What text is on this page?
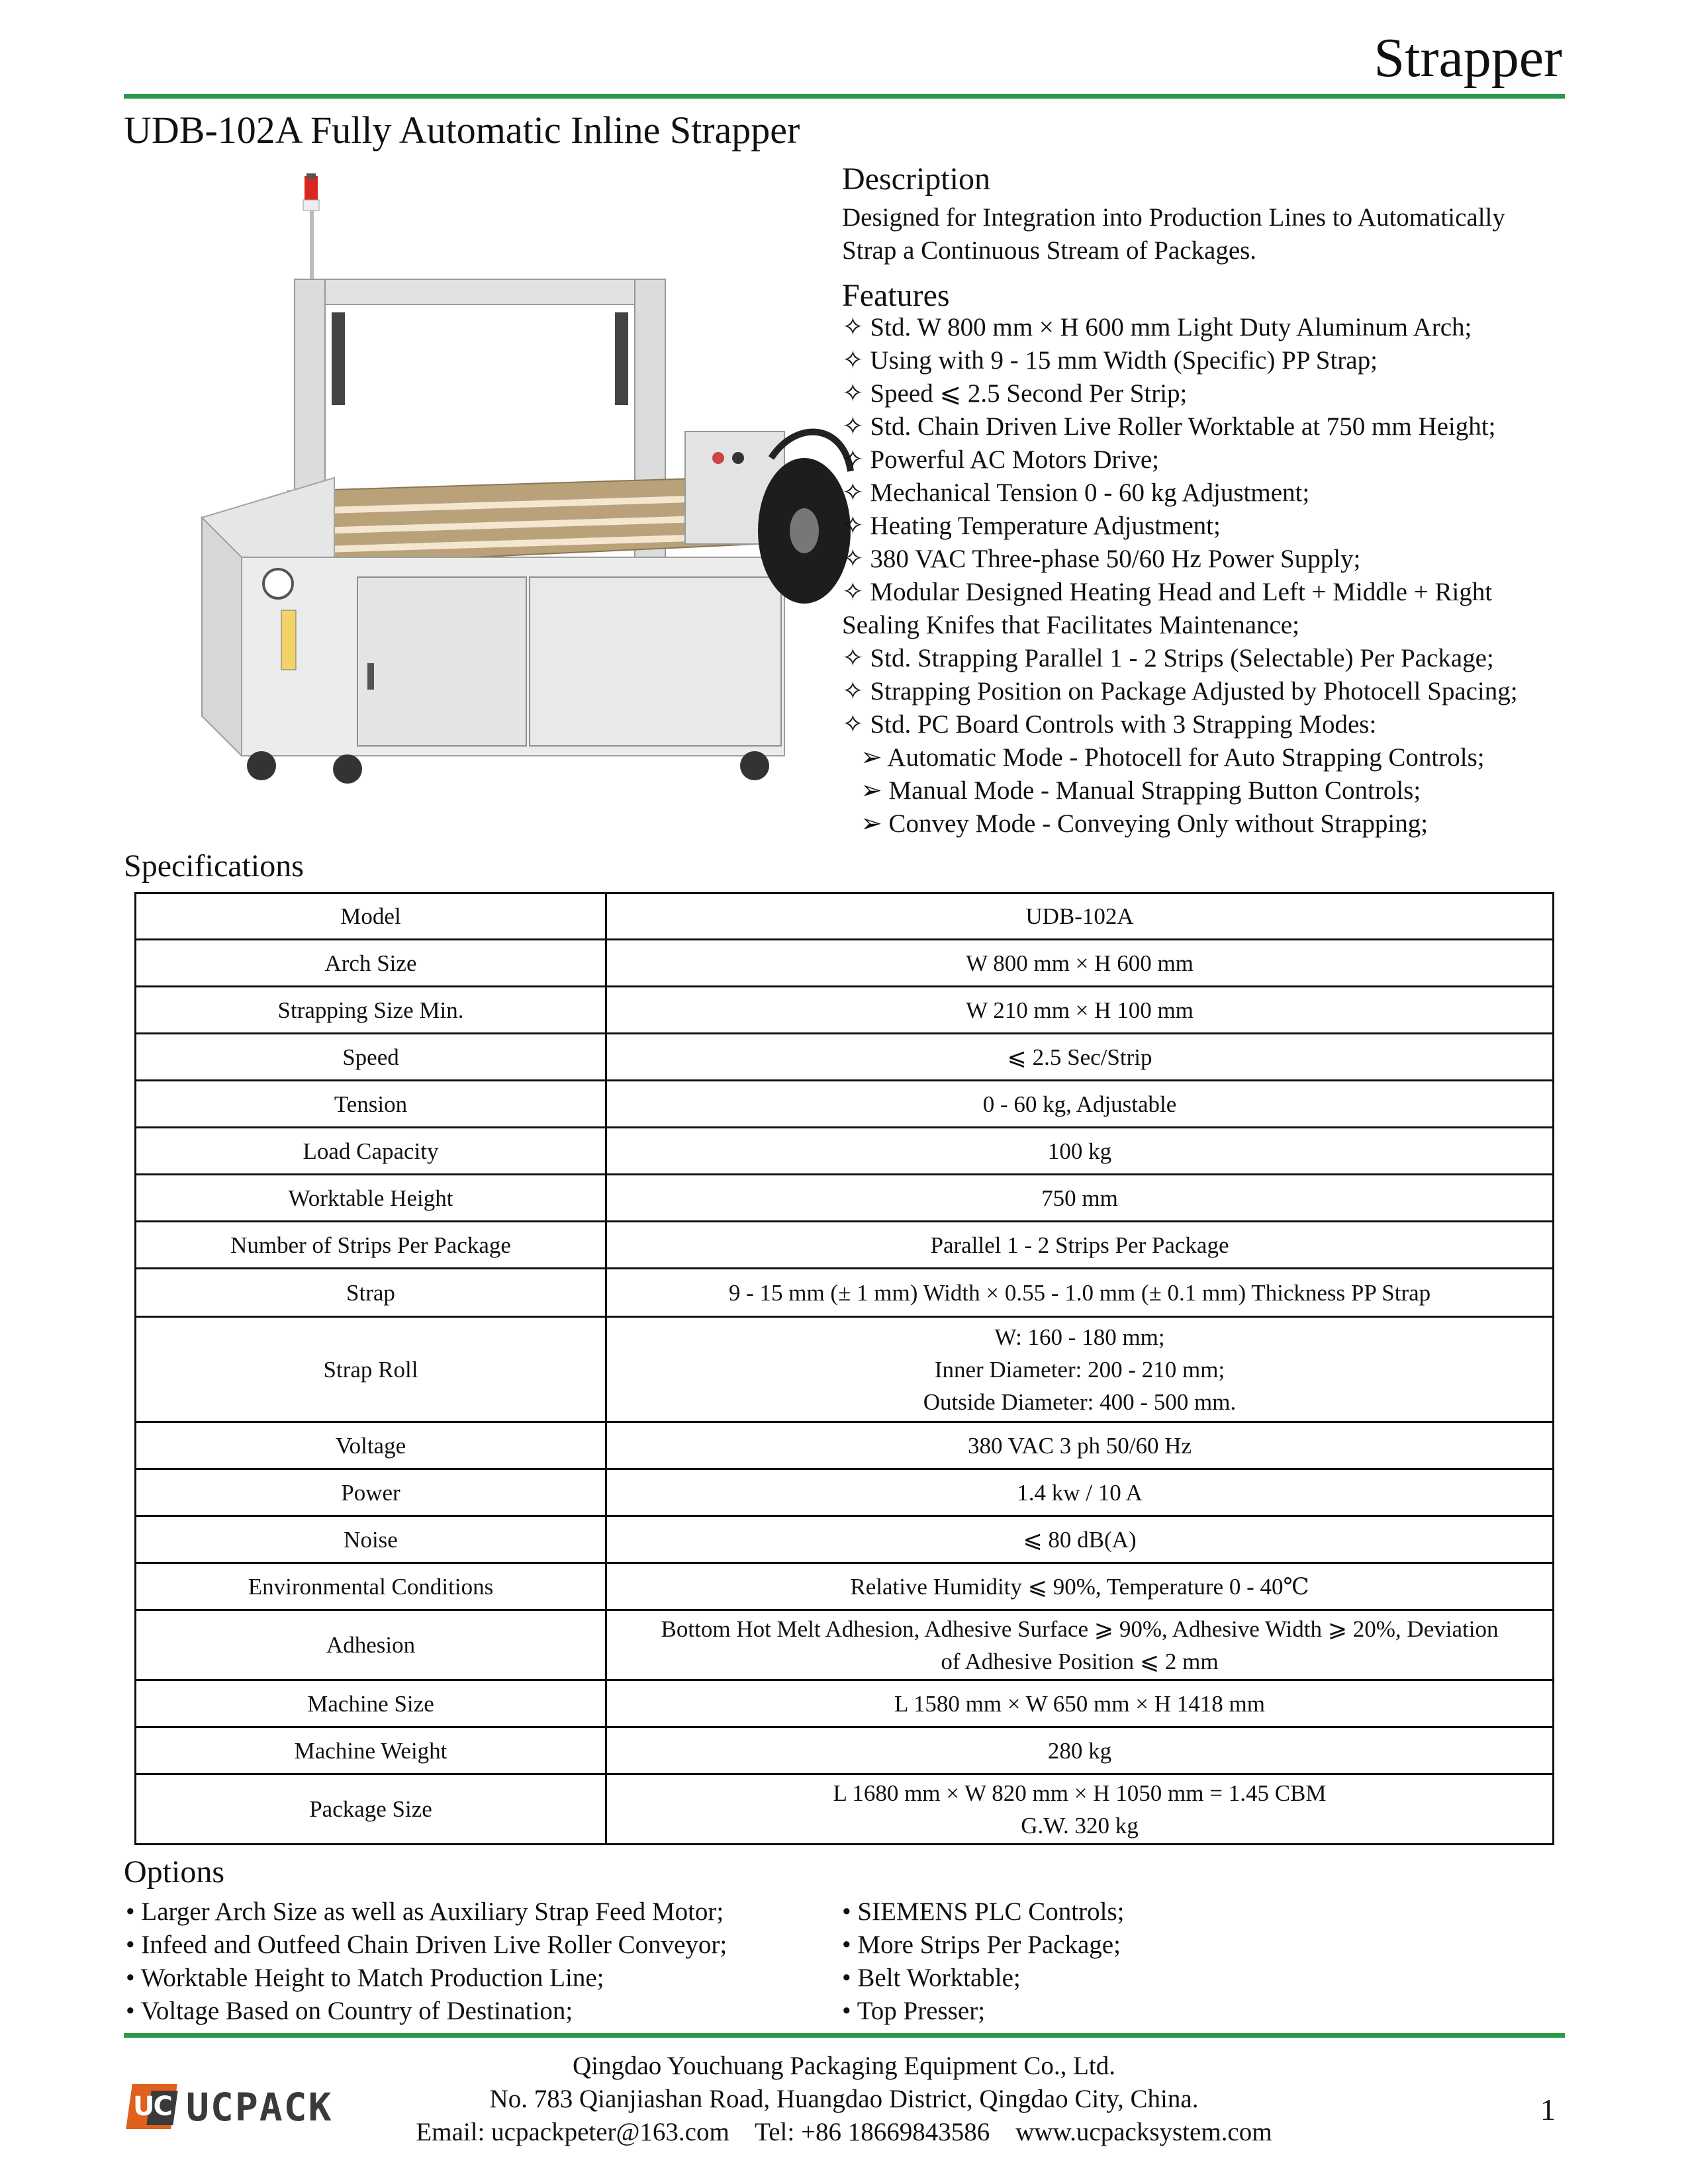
Strapper
UDB-102A Fully Automatic Inline Strapper
Description
Designed for Integration into Production Lines to Automatically
Strap a Continuous Stream of Packages.
Features
✧ Std. W 800 mm × H 600 mm Light Duty Aluminum Arch;
✧ Using with 9 - 15 mm Width (Specific) PP Strap;
✧ Speed ⩽ 2.5 Second Per Strip;
✧ Std. Chain Driven Live Roller Worktable at 750 mm Height;
✧ Powerful AC Motors Drive;
✧ Mechanical Tension 0 - 60 kg Adjustment;
✧ Heating Temperature Adjustment;
✧ 380 VAC Three-phase 50/60 Hz Power Supply;
✧ Modular Designed Heating Head and Left + Middle + Right
Sealing Knifes that Facilitates Maintenance;
✧ Std. Strapping Parallel 1 - 2 Strips (Selectable) Per Package;
✧ Strapping Position on Package Adjusted by Photocell Spacing;
✧ Std. PC Board Controls with 3 Strapping Modes:
➢ Automatic Mode - Photocell for Auto Strapping Controls;
➢ Manual Mode - Manual Strapping Button Controls;
➢ Convey Mode - Conveying Only without Strapping;
Specifications
Model	UDB-102A
Arch Size	W 800 mm × H 600 mm
Strapping Size Min.	W 210 mm × H 100 mm
Speed	⩽ 2.5 Sec/Strip
Tension	0 - 60 kg, Adjustable
Load Capacity	100 kg
Worktable Height	750 mm
Number of Strips Per Package	Parallel 1 - 2 Strips Per Package
Strap	9 - 15 mm (± 1 mm) Width × 0.55 - 1.0 mm (± 0.1 mm) Thickness PP Strap
Strap Roll	W: 160 - 180 mm;
Inner Diameter: 200 - 210 mm;
Outside Diameter: 400 - 500 mm.

Voltage	380 VAC 3 ph 50/60 Hz
Power	1.4 kw / 10 A
Noise	⩽ 80 dB(A)
Environmental Conditions	Relative Humidity ⩽ 90%, Temperature 0 - 40℃
Adhesion	Bottom Hot Melt Adhesion, Adhesive Surface ⩾ 90%, Adhesive Width ⩾ 20%, Deviation
of Adhesive Position ⩽ 2 mm

Machine Size	L 1580 mm × W 650 mm × H 1418 mm
Machine Weight	280 kg
Package Size	L 1680 mm × W 820 mm × H 1050 mm = 1.45 CBM
G.W. 320 kg
Options
• Larger Arch Size as well as Auxiliary Strap Feed Motor;
• Infeed and Outfeed Chain Driven Live Roller Conveyor;
• Worktable Height to Match Production Line;
• Voltage Based on Country of Destination;
• SIEMENS PLC Controls;
• More Strips Per Package;
• Belt Worktable;
• Top Presser;
Qingdao Youchuang Packaging Equipment Co., Ltd.
No. 783 Qianjiashan Road, Huangdao District, Qingdao City, China.
Email: ucpackpeter@163.com    Tel: +86 18669843586    www.ucpacksystem.com
UC UCPACK	1
